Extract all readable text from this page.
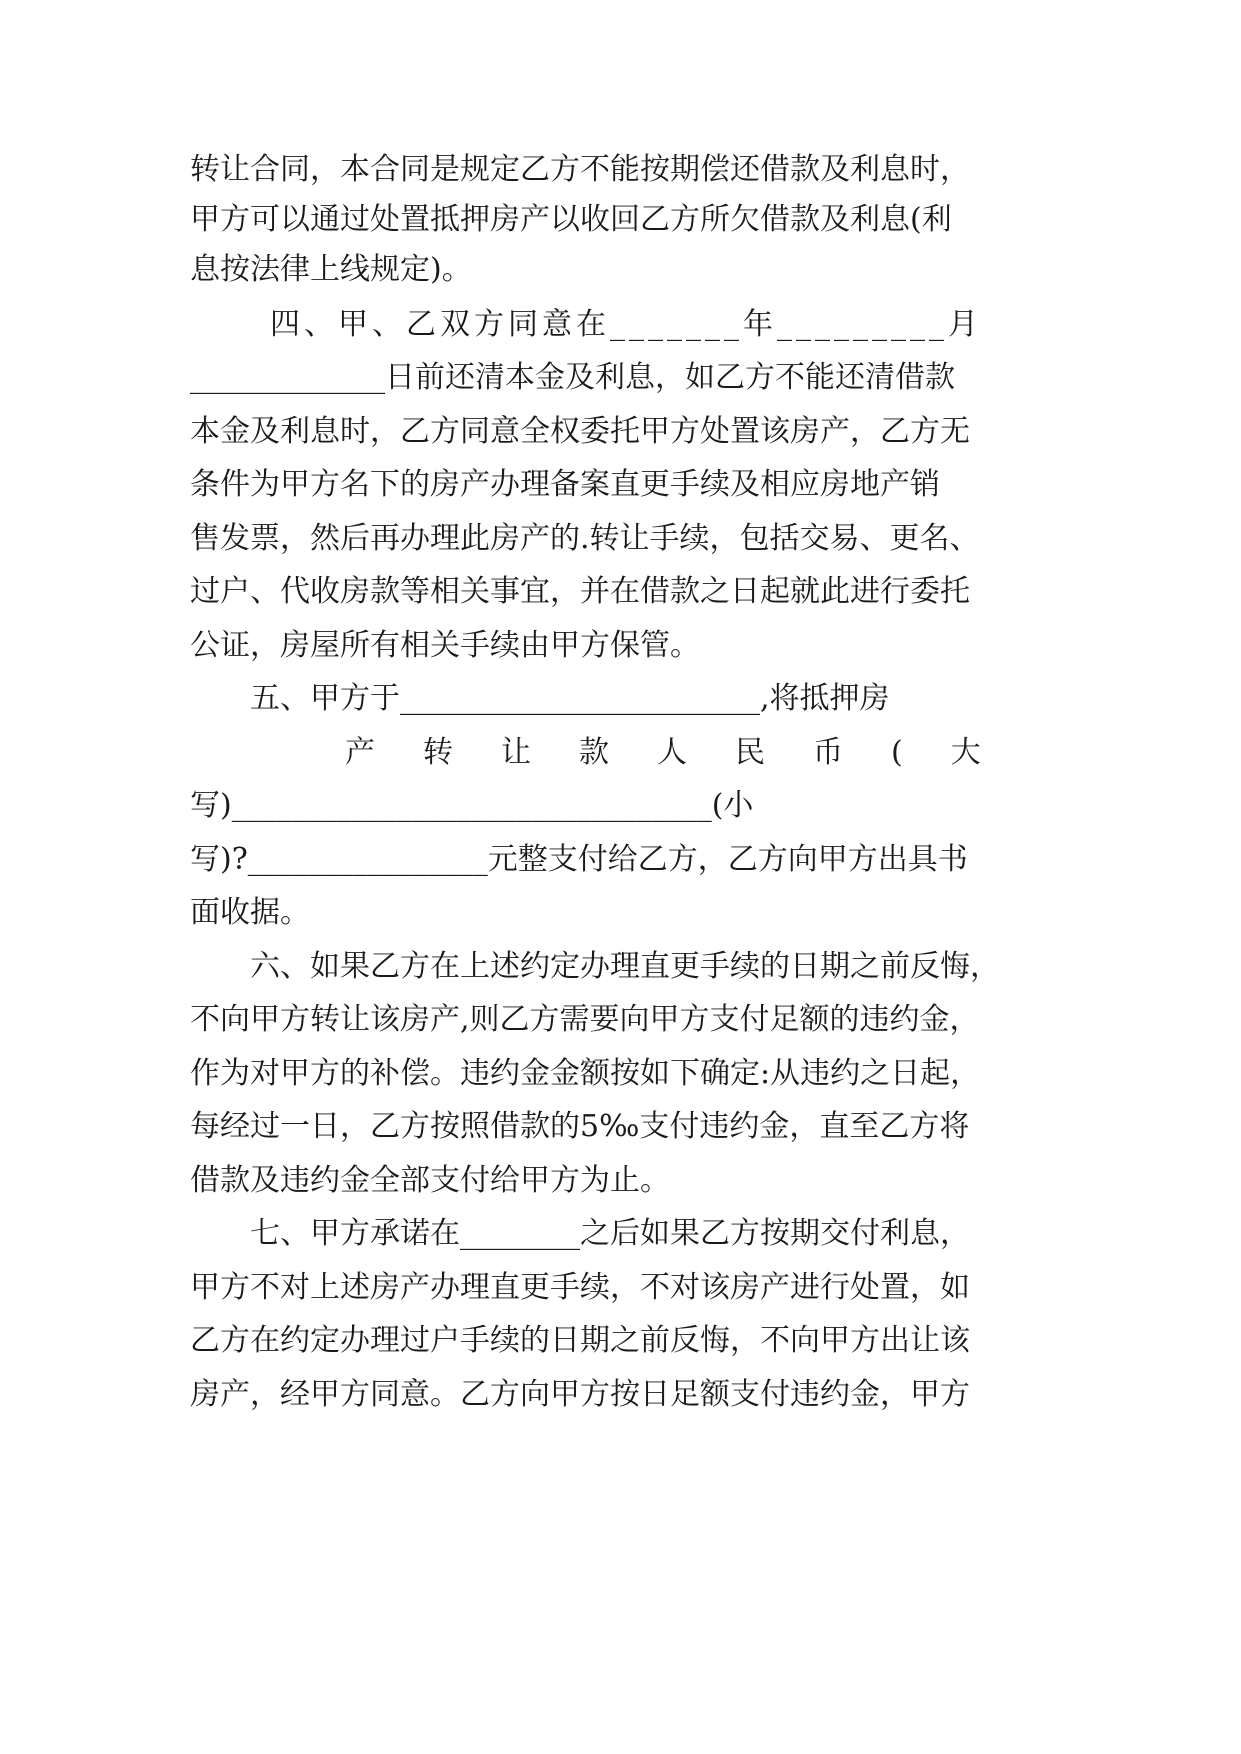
转让合同，本合同是规定乙方不能按期偿还借款及利息时，
甲方可以通过处置抵押房产以收回乙方所欠借款及利息(利
息按法律上线规定)。
四、甲、乙双方同意在_______年_________月
_____________日前还清本金及利息，如乙方不能还清借款
本金及利息时，乙方同意全权委托甲方处置该房产，乙方无
条件为甲方名下的房产办理备案直更手续及相应房地产销
售发票，然后再办理此房产的.转让手续，包括交易、更名、
过户、代收房款等相关事宜，并在借款之日起就此进行委托
公证，房屋所有相关手续由甲方保管。
五、甲方于________________________,将抵押房
产转让款人民币(大
写)________________________________(小
写)?________________元整支付给乙方，乙方向甲方出具书
面收据。
六、如果乙方在上述约定办理直更手续的日期之前反悔，
不向甲方转让该房产,则乙方需要向甲方支付足额的违约金，
作为对甲方的补偿。违约金金额按如下确定:从违约之日起，
每经过一日，乙方按照借款的5‰支付违约金，直至乙方将
借款及违约金全部支付给甲方为止。
七、甲方承诺在________之后如果乙方按期交付利息，
甲方不对上述房产办理直更手续，不对该房产进行处置，如
乙方在约定办理过户手续的日期之前反悔，不向甲方出让该
房产，经甲方同意。乙方向甲方按日足额支付违约金，甲方
